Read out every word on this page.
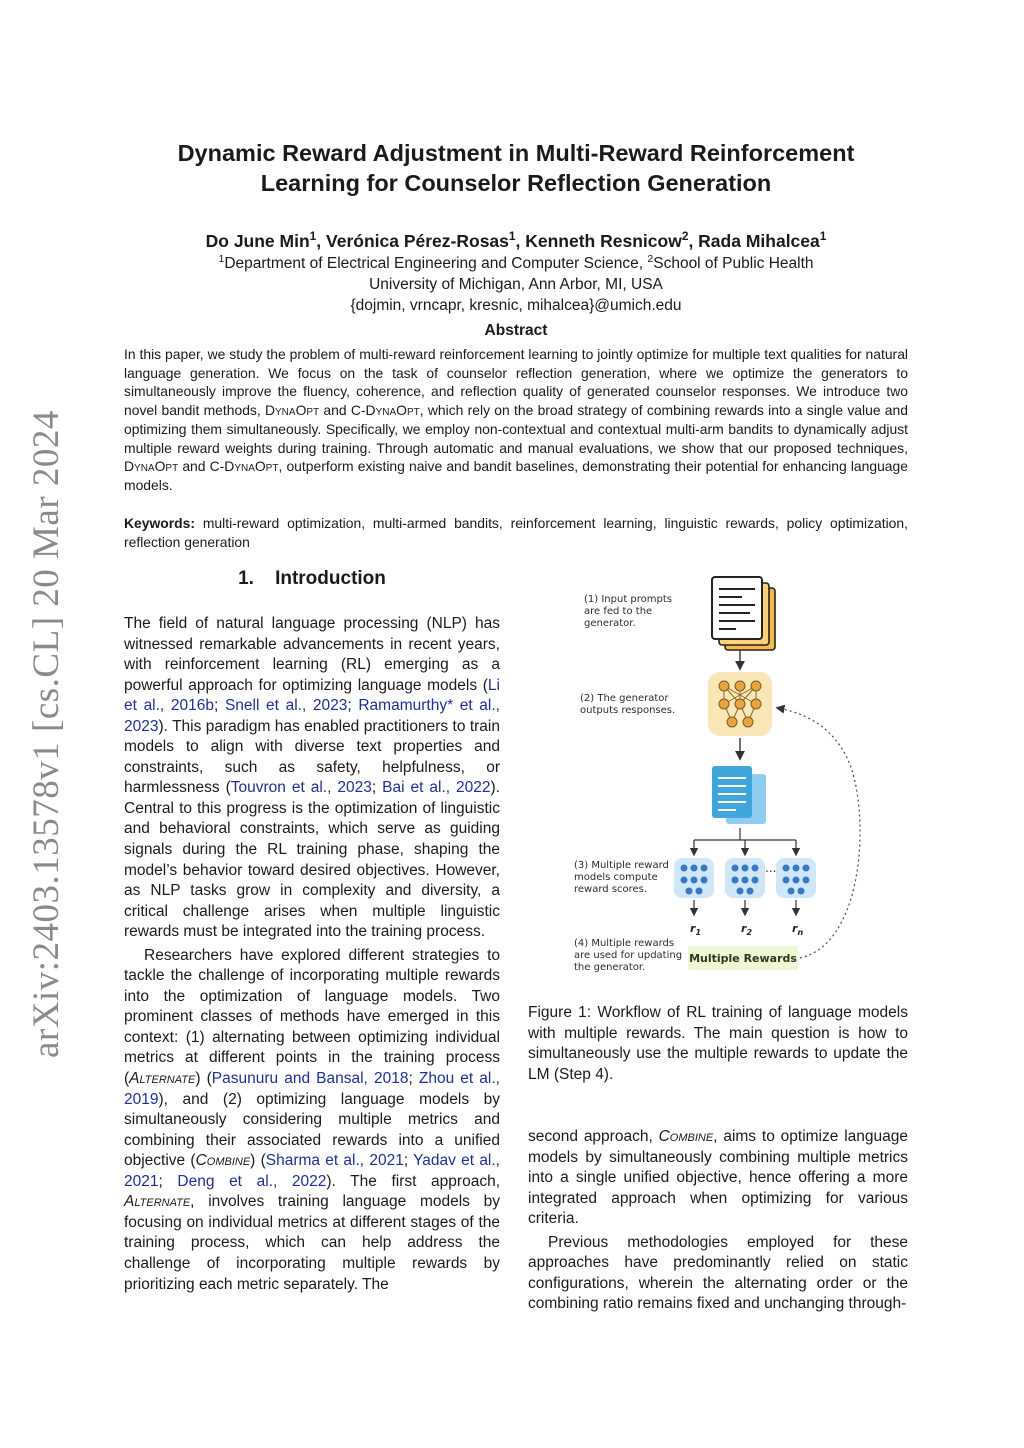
arXiv:2403.13578v1 [cs.CL] 20 Mar 2024
Dynamic Reward Adjustment in Multi-Reward Reinforcement
Learning for Counselor Reflection Generation
Do June Min$^1$, Verónica Pérez-Rosas$^1$, Kenneth Resnicow$^2$, Rada Mihalcea$^1$
$^1$Department of Electrical Engineering and Computer Science, $^2$School of Public Health
University of Michigan, Ann Arbor, MI, USA
{dojmin, vrncapr, kresnic, mihalcea}@umich.edu
Abstract

In this paper, we study the problem of multi-reward reinforcement learning to jointly optimize for multiple text qualities for natural language generation. We focus on the task of counselor reflection generation, where we optimize the generators to simultaneously improve the fluency, coherence, and reflection quality of generated counselor responses. We introduce two novel bandit methods, DynaOpt and C-DynaOpt, which rely on the broad strategy of combining rewards into a single value and optimizing them simultaneously. Specifically, we employ non-contextual and contextual multi-arm bandits to dynamically adjust multiple reward weights during training. Through automatic and manual evaluations, we show that our proposed techniques, DynaOpt and C-DynaOpt, outperform existing naive and bandit baselines, demonstrating their potential for enhancing language models.

Keywords: multi-reward optimization, multi-armed bandits, reinforcement learning, linguistic rewards, policy optimization, reflection generation

1. Introduction

The field of natural language processing (NLP) has witnessed remarkable advancements in recent years, with reinforcement learning (RL) emerging as a powerful approach for optimizing language models (Li et al., 2016b; Snell et al., 2023; Ramamurthy* et al., 2023). This paradigm has enabled practitioners to train models to align with diverse text properties and constraints, such as safety, helpfulness, or harmlessness (Touvron et al., 2023; Bai et al., 2022). Central to this progress is the optimization of linguistic and behavioral constraints, which serve as guiding signals during the RL training phase, shaping the model’s behavior toward desired objectives. However, as NLP tasks grow in complexity and diversity, a critical challenge arises when multiple linguistic rewards must be integrated into the training process.

Researchers have explored different strategies to tackle the challenge of incorporating multiple rewards into the optimization of language models. Two prominent classes of methods have emerged in this context: (1) alternating between optimizing individual metrics at different points in the training process (Alternate) (Pasunuru and Bansal, 2018; Zhou et al., 2019), and (2) optimizing language models by simultaneously considering multiple metrics and combining their associated rewards into a unified objective (Combine) (Sharma et al., 2021; Yadav et al., 2021; Deng et al., 2022). The first approach, Alternate, involves training language models by focusing on individual metrics at different stages of the training process, which can help address the challenge of incorporating multiple rewards by prioritizing each metric separately. The

...
$r_1$	$r_2$	$r_n$
Multiple Rewards
(1) Input prompts
are fed to the
generator.
(2) The generator
outputs responses.
(3) Multiple reward
models compute
reward scores.
(4) Multiple rewards
are used for updating
the generator.

Figure 1: Workflow of RL training of language models with multiple rewards. The main question is how to simultaneously use the multiple rewards to update the LM (Step 4).

second approach, Combine, aims to optimize language models by simultaneously combining multiple metrics into a single unified objective, hence offering a more integrated approach when optimizing for various criteria.

Previous methodologies employed for these approaches have predominantly relied on static configurations, wherein the alternating order or the combining ratio remains fixed and unchanging through-
